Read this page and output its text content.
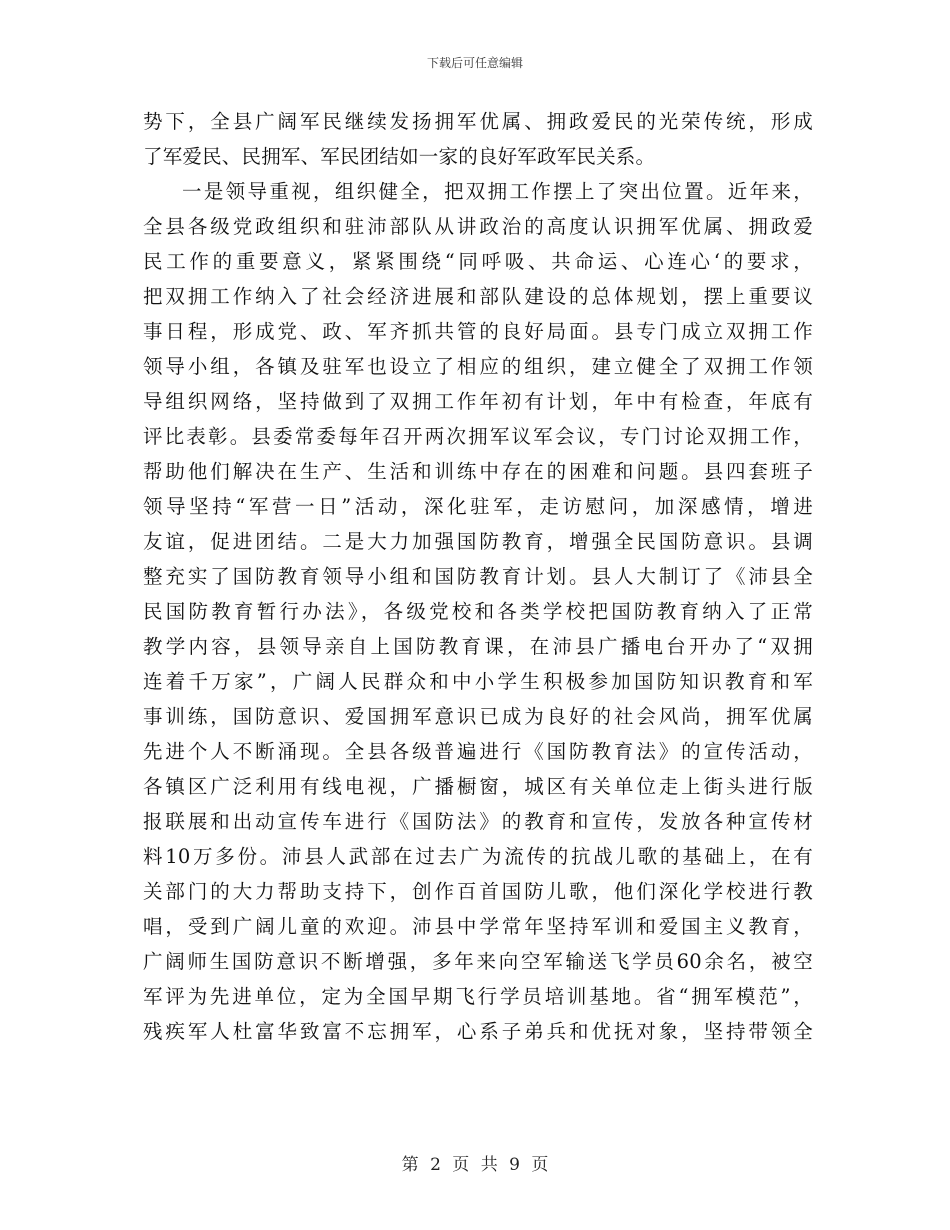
下载后可任意编辑
势下，全县广阔军民继续发扬拥军优属、拥政爱民的光荣传统，形成
了军爱民、民拥军、军民团结如一家的良好军政军民关系。
一是领导重视，组织健全，把双拥工作摆上了突出位置。近年来，
全县各级党政组织和驻沛部队从讲政治的高度认识拥军优属、拥政爱
民工作的重要意义，紧紧围绕“同呼吸、共命运、心连心‘的要求，
把双拥工作纳入了社会经济进展和部队建设的总体规划，摆上重要议
事日程，形成党、政、军齐抓共管的良好局面。县专门成立双拥工作
领导小组，各镇及驻军也设立了相应的组织，建立健全了双拥工作领
导组织网络，坚持做到了双拥工作年初有计划，年中有检查，年底有
评比表彰。县委常委每年召开两次拥军议军会议，专门讨论双拥工作，
帮助他们解决在生产、生活和训练中存在的困难和问题。县四套班子
领导坚持“军营一日”活动，深化驻军，走访慰问，加深感情，增进
友谊，促进团结。二是大力加强国防教育，增强全民国防意识。县调
整充实了国防教育领导小组和国防教育计划。县人大制订了《沛县全
民国防教育暂行办法》，各级党校和各类学校把国防教育纳入了正常
教学内容，县领导亲自上国防教育课，在沛县广播电台开办了“双拥
连着千万家”，广阔人民群众和中小学生积极参加国防知识教育和军
事训练，国防意识、爱国拥军意识已成为良好的社会风尚，拥军优属
先进个人不断涌现。全县各级普遍进行《国防教育法》的宣传活动，
各镇区广泛利用有线电视，广播橱窗，城区有关单位走上街头进行版
报联展和出动宣传车进行《国防法》的教育和宣传，发放各种宣传材
料10万多份。沛县人武部在过去广为流传的抗战儿歌的基础上，在有
关部门的大力帮助支持下，创作百首国防儿歌，他们深化学校进行教
唱，受到广阔儿童的欢迎。沛县中学常年坚持军训和爱国主义教育，
广阔师生国防意识不断增强，多年来向空军输送飞学员60余名，被空
军评为先进单位，定为全国早期飞行学员培训基地。省“拥军模范”，
残疾军人杜富华致富不忘拥军，心系子弟兵和优抚对象，坚持带领全
第 2 页 共 9 页
